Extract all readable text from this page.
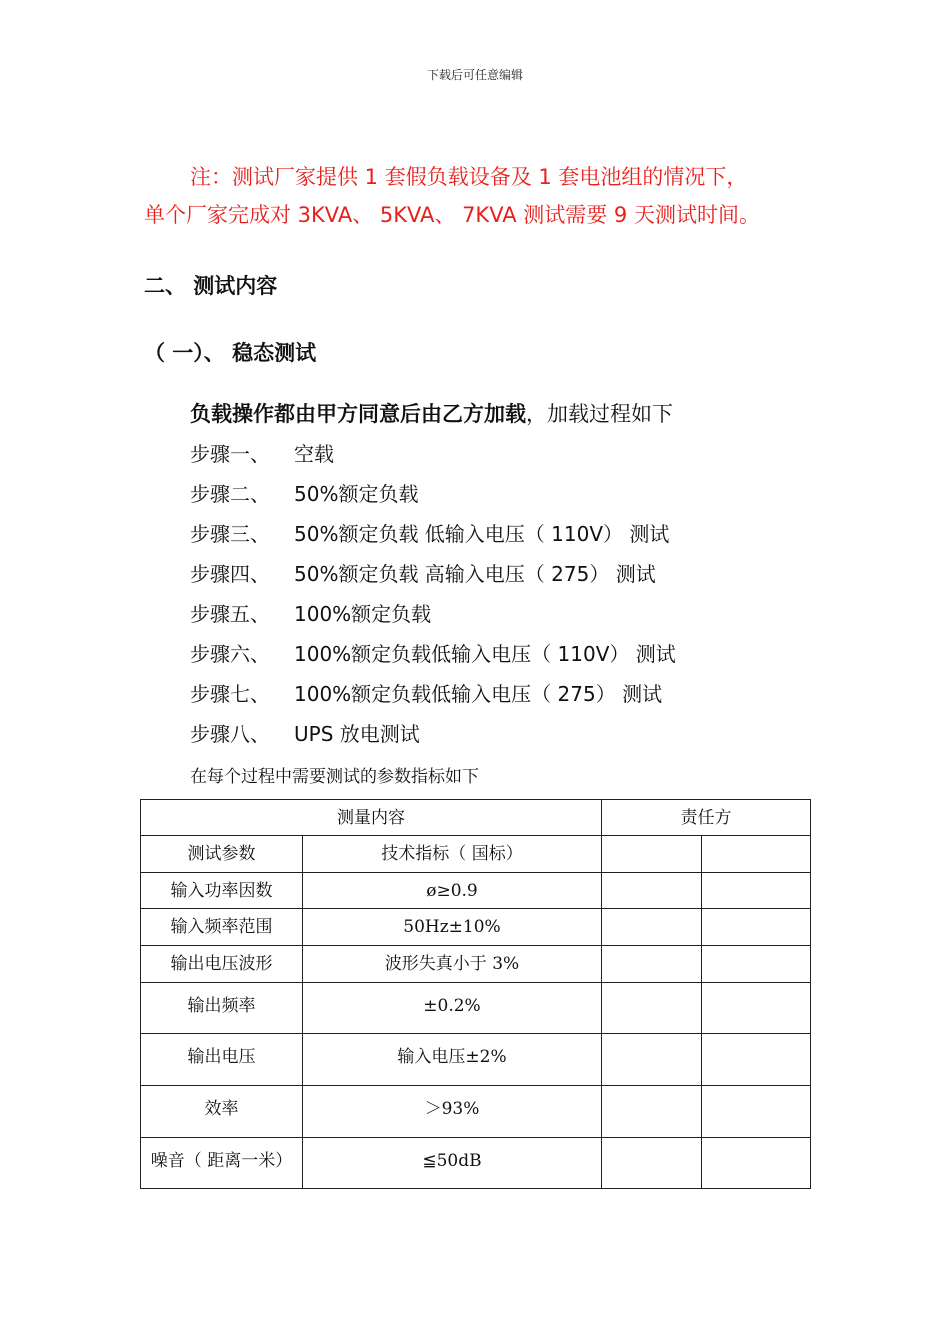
下载后可任意编辑
注：测试厂家提供 1 套假负载设备及 1 套电池组的情况下，
单个厂家完成对 3KVA、 5KVA、 7KVA 测试需要 9 天测试时间。
二、 测试内容
（ 一）、 稳态测试
负载操作都由甲方同意后由乙方加载，加载过程如下
步骤一、 空载
步骤二、 50%额定负载
步骤三、 50%额定负载 低输入电压（ 110V） 测试
步骤四、 50%额定负载 高输入电压（ 275） 测试
步骤五、 100%额定负载
步骤六、 100%额定负载低输入电压（ 110V） 测试
步骤七、 100%额定负载低输入电压（ 275） 测试
步骤八、 UPS 放电测试
在每个过程中需要测试的参数指标如下
测量内容		责任方	
测试参数	技术指标（ 国标）		
输入功率因数	ø≥0.9		
输入频率范围	50Hz±10%		
输出电压波形	波形失真小于 3%		
输出频率	±0.2%		
输出电压	输入电压±2%		
效率	＞93%		
噪音（ 距离一米）	≦50dB		
